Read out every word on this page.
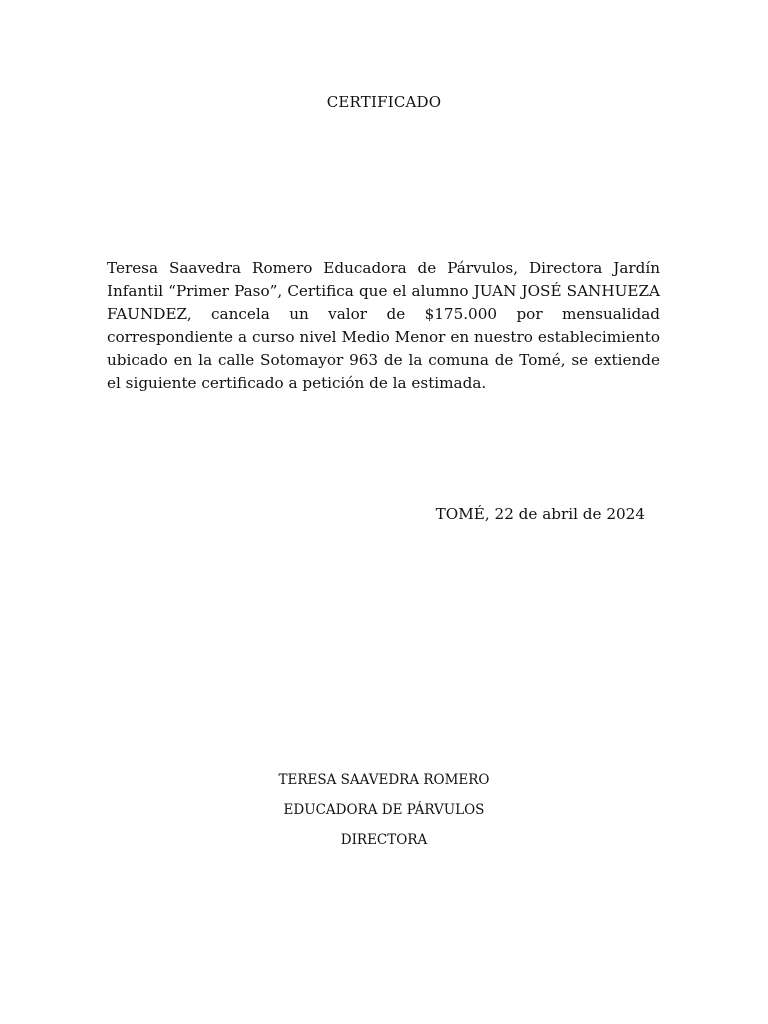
CERTIFICADO

Teresa Saavedra Romero Educadora de Párvulos, Directora Jardín Infantil “Primer Paso”, Certifica que el alumno JUAN JOSÉ SANHUEZA FAUNDEZ, cancela un valor de $175.000 por mensualidad correspondiente a curso nivel Medio Menor en nuestro establecimiento ubicado en la calle Sotomayor 963 de la comuna de Tomé, se extiende el siguiente certificado a petición de la estimada.

TOMÉ, 22 de abril de 2024
TERESA SAAVEDRA ROMERO
EDUCADORA DE PÁRVULOS
DIRECTORA
